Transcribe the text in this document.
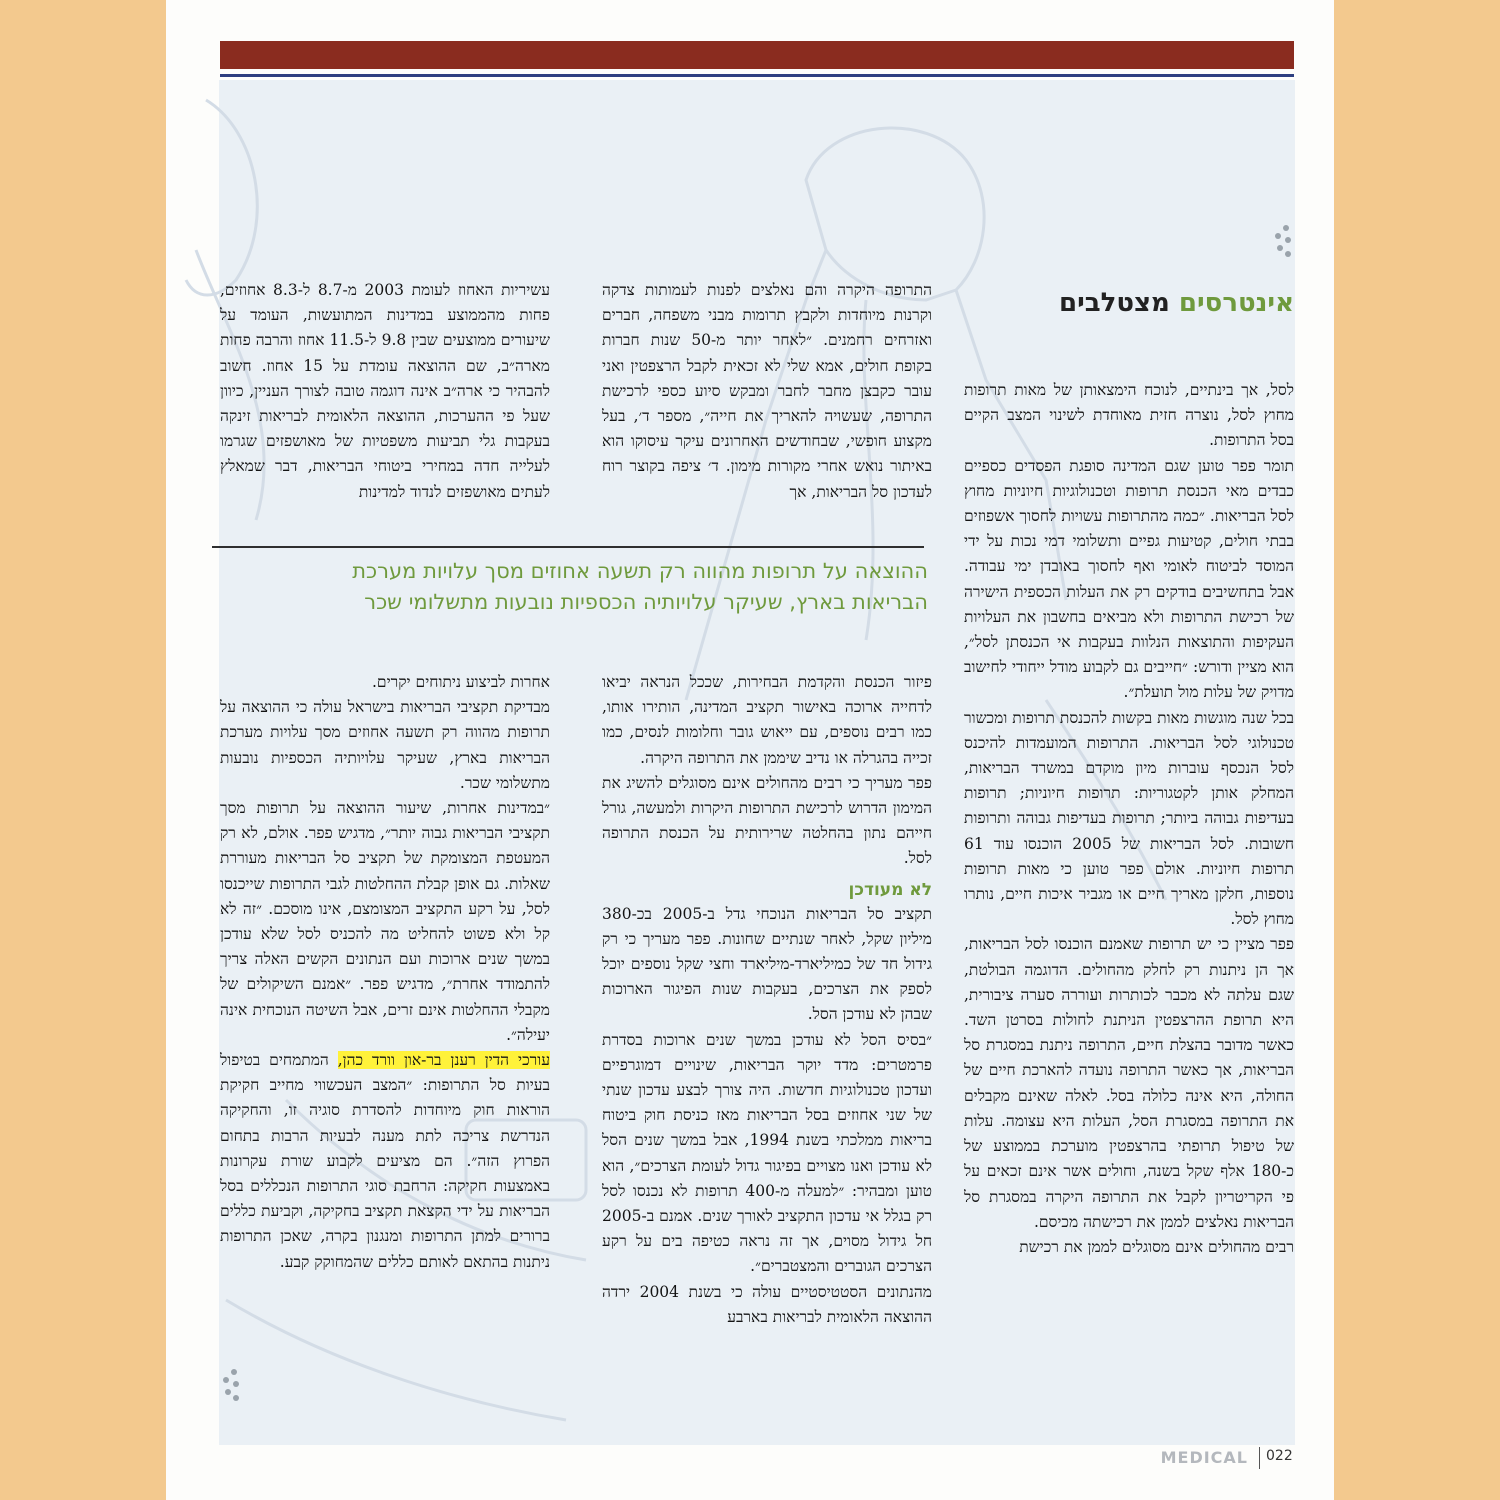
אינטרסים מצטלבים

לסל, אך בינתיים, לנוכח הימצאותן של מאות תרופות מחוץ לסל, נוצרה חזית מאוחדת לשינוי המצב הקיים בסל התרופות.

תומר פפר טוען שגם המדינה סופגת הפסדים כספיים כבדים מאי הכנסת תרופות וטכנולוגיות חיוניות מחוץ לסל הבריאות. ״כמה מהתרופות עשויות לחסוך אשפוזים בבתי חולים, קטיעות גפיים ותשלומי דמי נכות על ידי המוסד לביטוח לאומי ואף לחסוך באובדן ימי עבודה. אבל בתחשיבים בודקים רק את העלות הכספית הישירה של רכישת התרופות ולא מביאים בחשבון את העלויות העקיפות והתוצאות הנלוות בעקבות אי הכנסתן לסל״, הוא מציין ודורש: ״חייבים גם לקבוע מודל ייחודי לחישוב מדויק של עלות מול תועלת״.

בכל שנה מוגשות מאות בקשות להכנסת תרופות ומכשור טכנולוגי לסל הבריאות. התרופות המועמדות להיכנס לסל הנכסף עוברות מיון מוקדם במשרד הבריאות, המחלק אותן לקטגוריות: תרופות חיוניות; תרופות בעדיפות גבוהה ביותר; תרופות בעדיפות גבוהה ותרופות חשובות. לסל הבריאות של 2005 הוכנסו עוד 61 תרופות חיוניות. אולם פפר טוען כי מאות תרופות נוספות, חלקן מאריך חיים או מגביר איכות חיים, נותרו מחוץ לסל.

פפר מציין כי יש תרופות שאמנם הוכנסו לסל הבריאות, אך הן ניתנות רק לחלק מהחולים. הדוגמה הבולטת, שגם עלתה לא מכבר לכותרות ועוררה סערה ציבורית, היא תרופת ההרצפטין הניתנת לחולות בסרטן השד. כאשר מדובר בהצלת חיים, התרופה ניתנת במסגרת סל הבריאות, אך כאשר התרופה נועדה להארכת חיים של החולה, היא אינה כלולה בסל. לאלה שאינם מקבלים את התרופה במסגרת הסל, העלות היא עצומה. עלות של טיפול תרופתי בהרצפטין מוערכת בממוצע של כ-180 אלף שקל בשנה, וחולים אשר אינם זכאים על פי הקריטריון לקבל את התרופה היקרה במסגרת סל הבריאות נאלצים לממן את רכישתה מכיסם.

רבים מהחולים אינם מסוגלים לממן את רכישת

התרופה היקרה והם נאלצים לפנות לעמותות צדקה וקרנות מיוחדות ולקבץ תרומות מבני משפחה, חברים ואזרחים רחמנים. ״לאחר יותר מ-50 שנות חברות בקופת חולים, אמא שלי לא זכאית לקבל הרצפטין ואני עובר כקבצן מחבר לחבר ומבקש סיוע כספי לרכישת התרופה, שעשויה להאריך את חייה״, מספר ד׳, בעל מקצוע חופשי, שבחודשים האחרונים עיקר עיסוקו הוא באיתור נואש אחרי מקורות מימון. ד׳ ציפה בקוצר רוח לעדכון סל הבריאות, אך

עשיריות האחוז לעומת 2003 מ-8.7 ל-8.3 אחוזים, פחות מהממוצע במדינות המתועשות, העומד על שיעורים ממוצעים שבין 9.8 ל-11.5 אחוז והרבה פחות מארה״ב, שם ההוצאה עומדת על 15 אחוז. חשוב להבהיר כי ארה״ב אינה דוגמה טובה לצורך העניין, כיוון שעל פי ההערכות, ההוצאה הלאומית לבריאות זינקה בעקבות גלי תביעות משפטיות של מאושפזים שגרמו לעלייה חדה במחירי ביטוחי הבריאות, דבר שמאלץ לעתים מאושפזים לנדוד למדינות

ההוצאה על תרופות מהווה רק תשעה אחוזים מסך עלויות מערכת
הבריאות בארץ, שעיקר עלויותיה הכספיות נובעות מתשלומי שכר

פיזור הכנסת והקדמת הבחירות, שככל הנראה יביאו לדחייה ארוכה באישור תקציב המדינה, הותירו אותו, כמו רבים נוספים, עם ייאוש גובר וחלומות לנסים, כמו זכייה בהגרלה או נדיב שיממן את התרופה היקרה.

פפר מעריך כי רבים מהחולים אינם מסוגלים להשיג את המימון הדרוש לרכישת התרופות היקרות ולמעשה, גורל חייהם נתון בהחלטה שרירותית על הכנסת התרופה לסל.

לא מעודכן

תקציב סל הבריאות הנוכחי גדל ב-2005 בכ-380 מיליון שקל, לאחר שנתיים שחונות. פפר מעריך כי רק גידול חד של כמיליארד-מיליארד וחצי שקל נוספים יוכל לספק את הצרכים, בעקבות שנות הפיגור הארוכות שבהן לא עודכן הסל.

״בסיס הסל לא עודכן במשך שנים ארוכות בסדרת פרמטרים: מדד יוקר הבריאות, שינויים דמוגרפיים ועדכון טכנולוגיות חדשות. היה צורך לבצע עדכון שנתי של שני אחוזים בסל הבריאות מאז כניסת חוק ביטוח בריאות ממלכתי בשנת 1994, אבל במשך שנים הסל לא עודכן ואנו מצויים בפיגור גדול לעומת הצרכים״, הוא טוען ומבהיר: ״למעלה מ-400 תרופות לא נכנסו לסל רק בגלל אי עדכון התקציב לאורך שנים. אמנם ב-2005 חל גידול מסוים, אך זה נראה כטיפה בים על רקע הצרכים הגוברים והמצטברים״.

מהנתונים הסטטיסטיים עולה כי בשנת 2004 ירדה ההוצאה הלאומית לבריאות בארבע

אחרות לביצוע ניתוחים יקרים.

מבדיקת תקציבי הבריאות בישראל עולה כי ההוצאה על תרופות מהווה רק תשעה אחוזים מסך עלויות מערכת הבריאות בארץ, שעיקר עלויותיה הכספיות נובעות מתשלומי שכר.

״במדינות אחרות, שיעור ההוצאה על תרופות מסך תקציבי הבריאות גבוה יותר״, מדגיש פפר. אולם, לא רק המעטפת המצומקת של תקציב סל הבריאות מעוררת שאלות. גם אופן קבלת ההחלטות לגבי התרופות שייכנסו לסל, על רקע התקציב המצומצם, אינו מוסכם. ״זה לא קל ולא פשוט להחליט מה להכניס לסל שלא עודכן במשך שנים ארוכות ועם הנתונים הקשים האלה צריך להתמודד אחרת״, מדגיש פפר. ״אמנם השיקולים של מקבלי ההחלטות אינם זרים, אבל השיטה הנוכחית אינה יעילה״.

עורכי הדין רענן בר-און וורד כהן, המתמחים בטיפול בעיות סל התרופות: ״המצב העכשווי מחייב חקיקת הוראות חוק מיוחדות להסדרת סוגיה זו, והחקיקה הנדרשת צריכה לתת מענה לבעיות הרבות בתחום הפרוץ הזה״. הם מציעים לקבוע שורת עקרונות באמצעות חקיקה: הרחבת סוגי התרופות הנכללים בסל הבריאות על ידי הקצאת תקציב בחקיקה, וקביעת כללים ברורים למתן התרופות ומנגנון בקרה, שאכן התרופות ניתנות בהתאם לאותם כללים שהמחוקק קבע.

MEDICAL 022
